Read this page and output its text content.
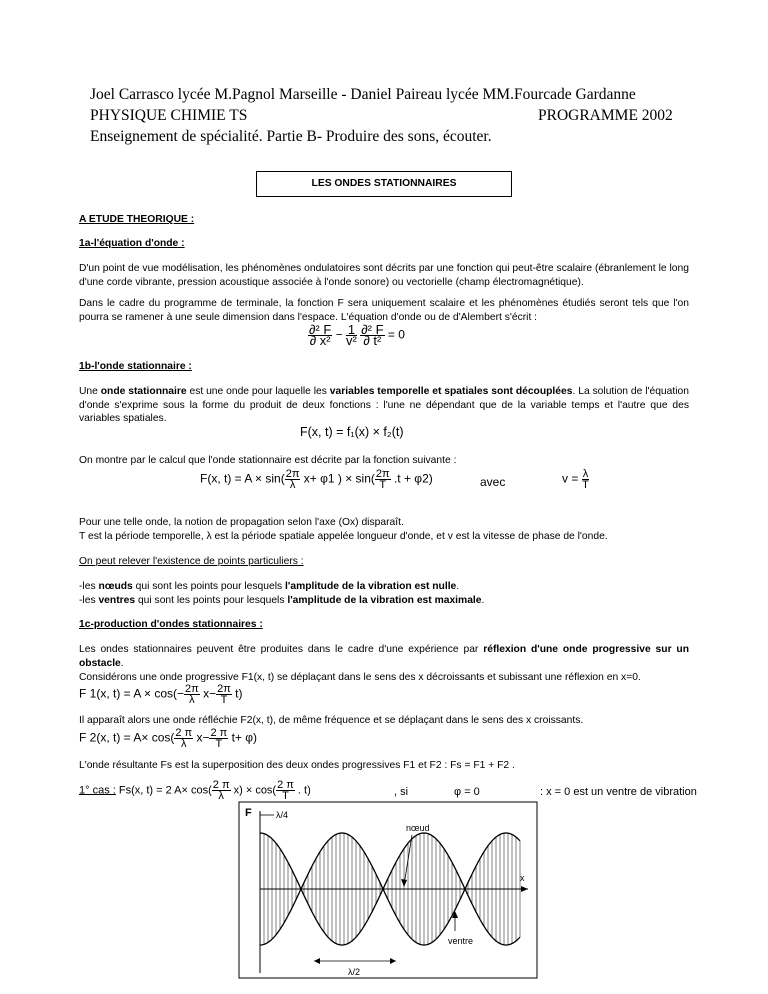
Joel Carrasco lycée M.Pagnol Marseille - Daniel Paireau lycée MM.Fourcade Gardanne
PHYSIQUE CHIMIE TS	PROGRAMME 2002
Enseignement de spécialité. Partie B- Produire des sons, écouter.
LES ONDES STATIONNAIRES
A ETUDE THEORIQUE :
1a-l'équation d'onde :
D'un point de vue modélisation, les phénomènes ondulatoires sont décrits par une fonction qui peut-être scalaire (ébranlement le long d'une corde vibrante, pression acoustique associée à l'onde sonore) ou vectorielle (champ électromagnétique).
Dans le cadre du programme de terminale, la fonction F sera uniquement scalaire et les phénomènes étudiés seront tels que l'on pourra se ramener à une seule dimension dans l'espace. L'équation d'onde ou de d'Alembert s'écrit :
$\frac{\text{∂² F}}{\text{∂ x²}} - \frac{1}{\text{v²}}$
$\frac{\text{∂² F}}{\text{∂ t²}} = 0$
1b-l'onde stationnaire :
Une onde stationnaire est une onde pour laquelle les variables temporelle et spatiales sont découplées. La solution de l'équation d'onde s'exprime sous la forme du produit de deux fonctions : l'une ne dépendant que de la variable temps et l'autre que des variables spatiales.
F(x, t) = f₁(x) × f₂(t)
On montre par le calcul que l'onde stationnaire est décrite par la fonction suivante :
F(x, $t) = A \times \sin( \frac{2\pi}{\lambda} x+ \varphi 1$ ) × $\sin( \frac{2\pi}{T} .t + \varphi 2)$	avec	$v = \frac{\lambda}{T}$
Pour une telle onde, la notion de propagation selon l'axe (Ox) disparaît.
T est la période temporelle, λ est la période spatiale appelée longueur d'onde, et v est la vitesse de phase de l'onde.
On peut relever l'existence de points particuliers :
-les nœuds qui sont les points pour lesquels l'amplitude de la vibration est nulle.
-les ventres qui sont les points pour lesquels l'amplitude de la vibration est maximale.
1c-production d'ondes stationnaires :
Les ondes stationnaires peuvent être produites dans le cadre d'une expérience par réflexion d'une onde progressive sur un obstacle.
Considérons une onde progressive F1(x, t) se déplaçant dans le sens des x décroissants et subissant une réflexion en x=0.
F 1(x, $t) = A \times \cos(- \frac{2\pi}{\lambda} x- \frac{2\pi}{T} t)$
Il apparaît alors une onde réfléchie F2(x, t), de même fréquence et se déplaçant dans le sens des x croissants.
F 2(x, $t) = A\times \cos( \frac{2 \pi}{\lambda} x- \frac{2 \pi}{T} t+ \varphi)$
L'onde résultante Fs est la superposition des deux ondes progressives F1 et F2 : Fs = F1 + F2 .
1° cas : Fs(x, t) = 2 $A\times \cos( \frac{2 \pi}{\lambda} x) \times \cos( \frac{2 \pi}{T}$ . t)	, si	φ = 0	: x = 0 est un ventre de vibration
λ/4
F
nœud
x
ventre
λ/2
